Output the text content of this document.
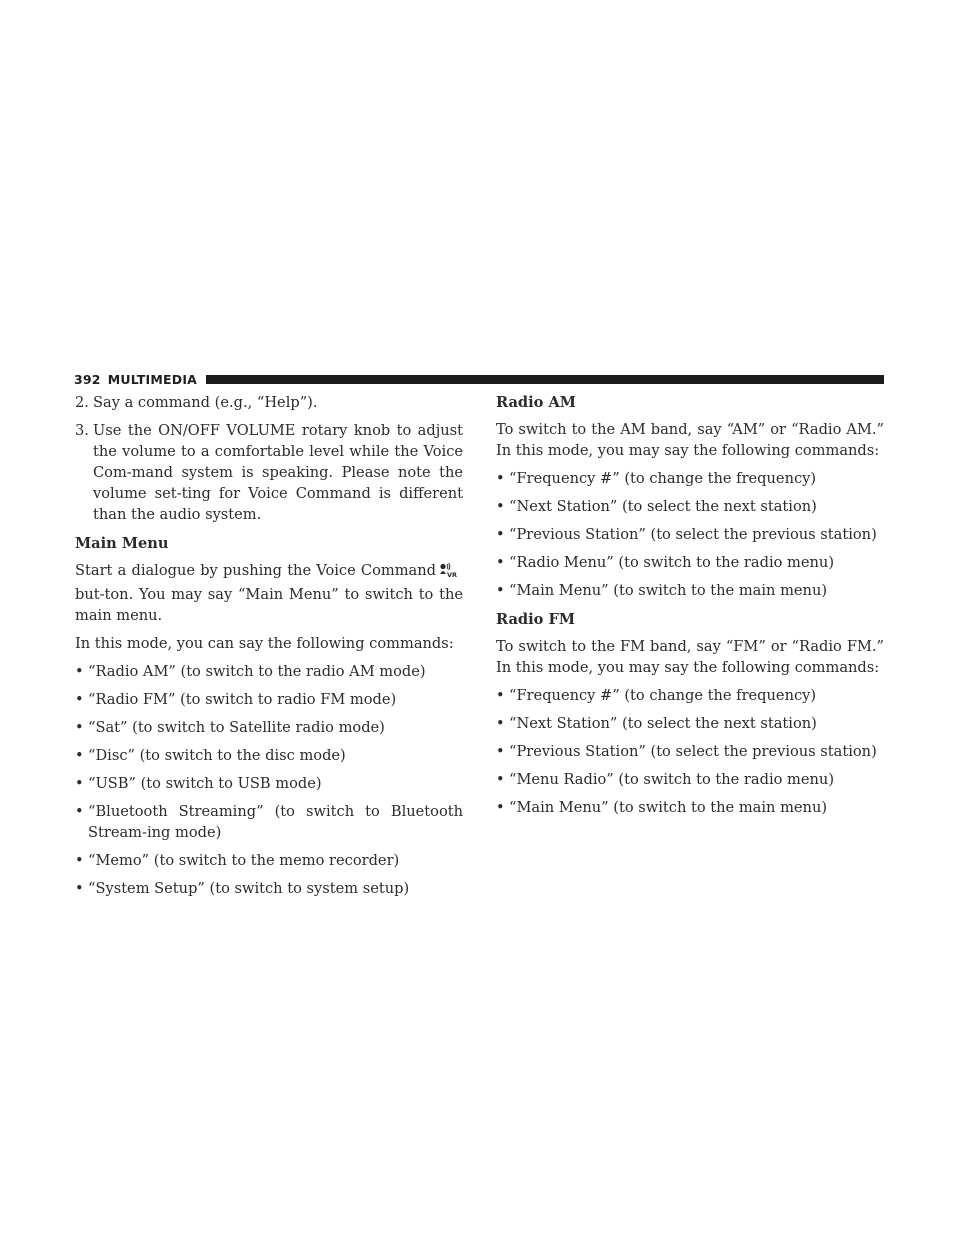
392 MULTIMEDIA
2. Say a command (e.g., “Help”).
3. Use the ON/OFF VOLUME rotary knob to adjust the volume to a comfortable level while the Voice Com-mand system is speaking. Please note the volume set-ting for Voice Command is different than the audio system.
Main Menu

Start a dialogue by pushing the Voice Command VR
but-ton. You may say “Main Menu” to switch to the main menu.

In this mode, you can say the following commands:

• “Radio AM” (to switch to the radio AM mode)
• “Radio FM” (to switch to radio FM mode)
• “Sat” (to switch to Satellite radio mode)
• “Disc” (to switch to the disc mode)
• “USB” (to switch to USB mode)
• “Bluetooth Streaming” (to switch to Bluetooth Stream-ing mode)
• “Memo” (to switch to the memo recorder)
• “System Setup” (to switch to system setup)
Radio AM

To switch to the AM band, say “AM” or “Radio AM.” In this mode, you may say the following commands:

• “Frequency #” (to change the frequency)
• “Next Station” (to select the next station)
• “Previous Station” (to select the previous station)
• “Radio Menu” (to switch to the radio menu)
• “Main Menu” (to switch to the main menu)
Radio FM

To switch to the FM band, say “FM” or “Radio FM.” In this mode, you may say the following commands:

• “Frequency #” (to change the frequency)
• “Next Station” (to select the next station)
• “Previous Station” (to select the previous station)
• “Menu Radio” (to switch to the radio menu)
• “Main Menu” (to switch to the main menu)
